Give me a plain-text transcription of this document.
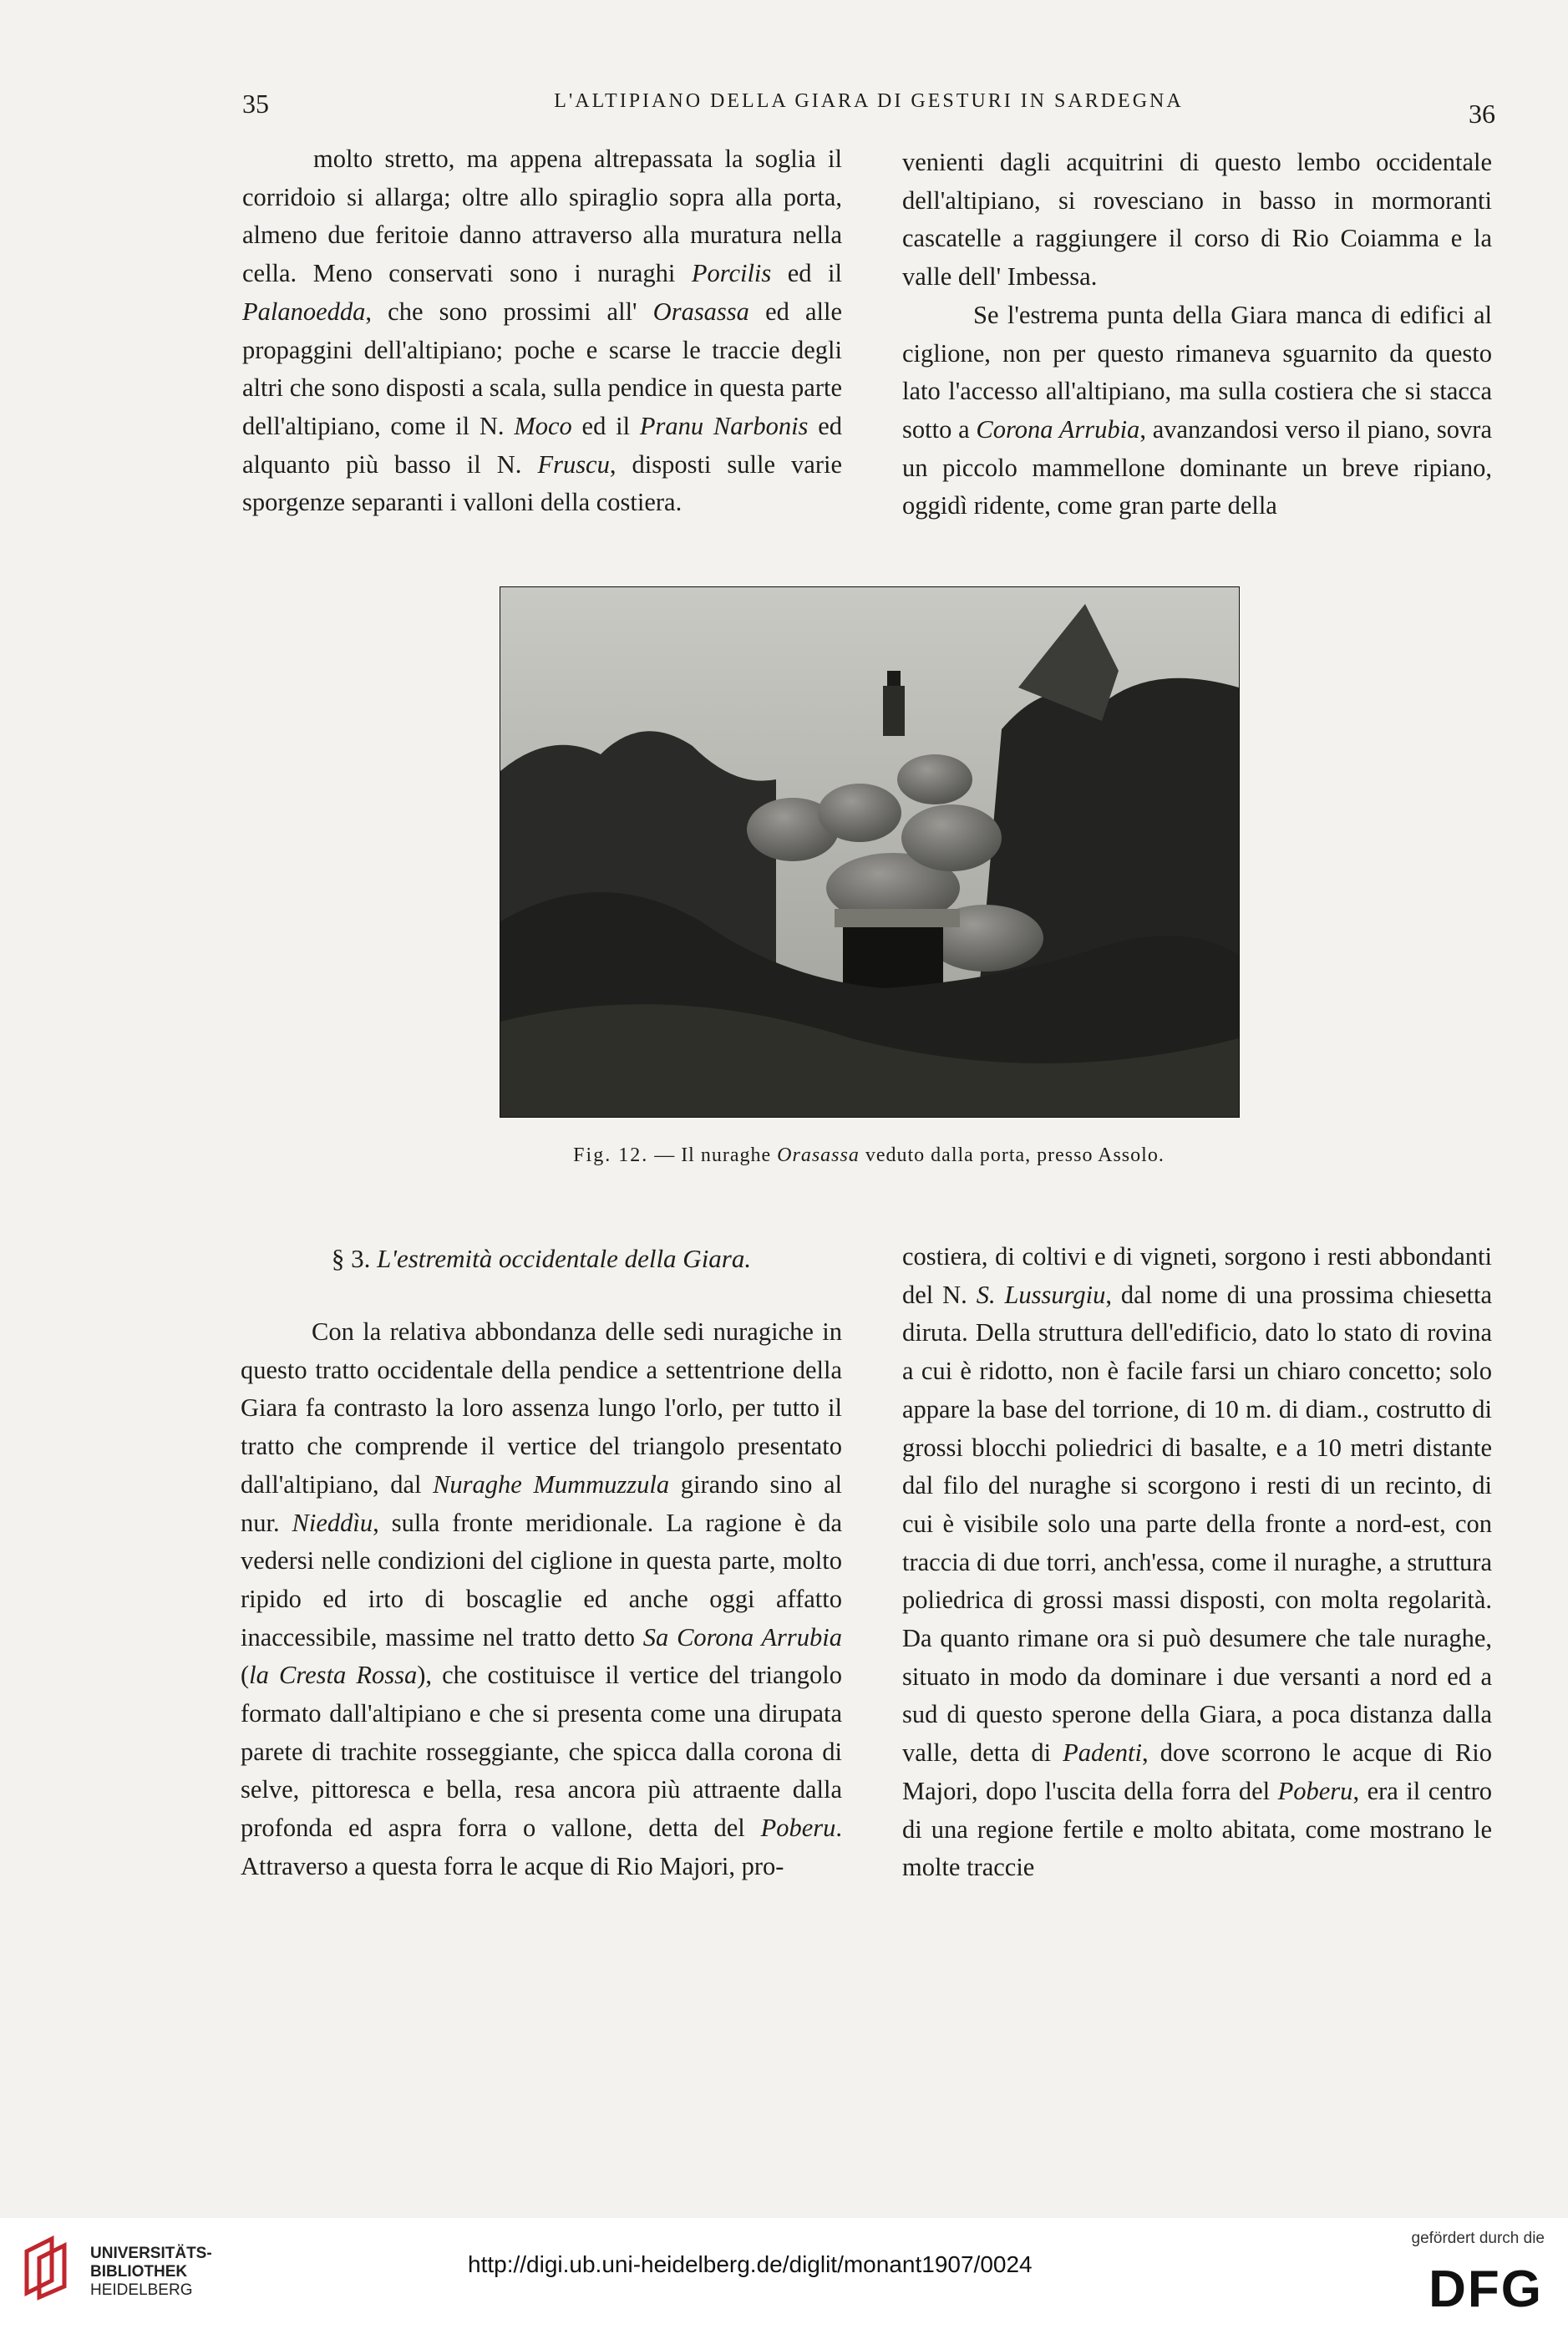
35	L'ALTIPIANO DELLA GIARA DI GESTURI IN SARDEGNA	36

molto stretto, ma appena altrepassata la soglia il corridoio si allarga; oltre allo spiraglio sopra alla porta, almeno due feritoie danno attraverso alla muratura nella cella. Meno conservati sono i nuraghi Porcilis ed il Palanoedda, che sono prossimi all' Orasassa ed alle propaggini dell'altipiano; poche e scarse le traccie degli altri che sono disposti a scala, sulla pendice in questa parte dell'altipiano, come il N. Moco ed il Pranu Narbonis ed alquanto più basso il N. Fruscu, disposti sulle varie sporgenze separanti i valloni della costiera.

venienti dagli acquitrini di questo lembo occidentale dell'altipiano, si rovesciano in basso in mormoranti cascatelle a raggiungere il corso di Rio Coiamma e la valle dell' Imbessa.

Se l'estrema punta della Giara manca di edifici al ciglione, non per questo rimaneva sguarnito da questo lato l'accesso all'altipiano, ma sulla costiera che si stacca sotto a Corona Arrubia, avanzandosi verso il piano, sovra un piccolo mammellone dominante un breve ripiano, oggidì ridente, come gran parte della

Fig. 12. — Il nuraghe Orasassa veduto dalla porta, presso Assolo.

§ 3. L'estremità occidentale della Giara.

Con la relativa abbondanza delle sedi nuragiche in questo tratto occidentale della pendice a settentrione della Giara fa contrasto la loro assenza lungo l'orlo, per tutto il tratto che comprende il vertice del triangolo presentato dall'altipiano, dal Nuraghe Mummuzzula girando sino al nur. Nieddìu, sulla fronte meridionale. La ragione è da vedersi nelle condizioni del ciglione in questa parte, molto ripido ed irto di boscaglie ed anche oggi affatto inaccessibile, massime nel tratto detto Sa Corona Arrubia (la Cresta Rossa), che costituisce il vertice del triangolo formato dall'altipiano e che si presenta come una dirupata parete di trachite rosseggiante, che spicca dalla corona di selve, pittoresca e bella, resa ancora più attraente dalla profonda ed aspra forra o vallone, detta del Poberu. Attraverso a questa forra le acque di Rio Majori, pro-

costiera, di coltivi e di vigneti, sorgono i resti abbondanti del N. S. Lussurgiu, dal nome di una prossima chiesetta diruta. Della struttura dell'edificio, dato lo stato di rovina a cui è ridotto, non è facile farsi un chiaro concetto; solo appare la base del torrione, di 10 m. di diam., costrutto di grossi blocchi poliedrici di basalte, e a 10 metri distante dal filo del nuraghe si scorgono i resti di un recinto, di cui è visibile solo una parte della fronte a nord-est, con traccia di due torri, anch'essa, come il nuraghe, a struttura poliedrica di grossi massi disposti, con molta regolarità. Da quanto rimane ora si può desumere che tale nuraghe, situato in modo da dominare i due versanti a nord ed a sud di questo sperone della Giara, a poca distanza dalla valle, detta di Padenti, dove scorrono le acque di Rio Majori, dopo l'uscita della forra del Poberu, era il centro di una regione fertile e molto abitata, come mostrano le molte traccie

UNIVERSITÄTS-
BIBLIOTHEK
HEIDELBERG
http://digi.ub.uni-heidelberg.de/diglit/monant1907/0024
gefördert durch die
DFG
